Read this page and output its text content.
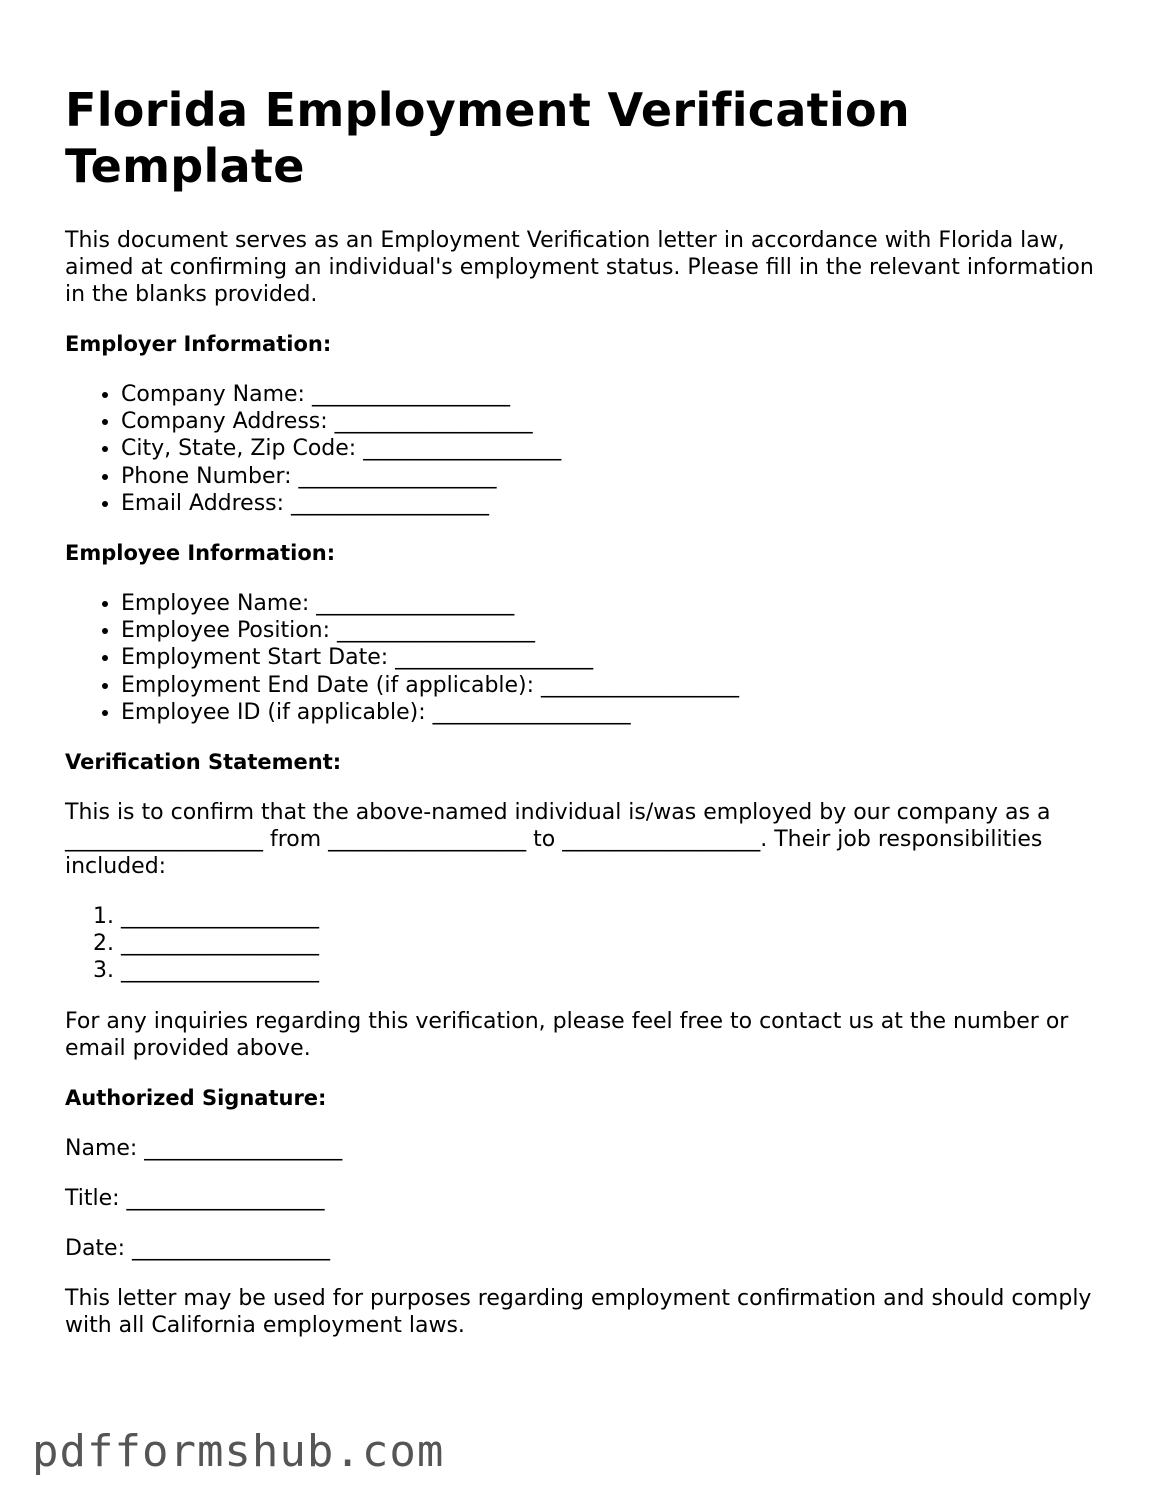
Florida Employment Verification Template

This document serves as an Employment Verification letter in accordance with Florida law, aimed at confirming an individual's employment status. Please fill in the relevant information in the blanks provided.

Employer Information:

• Company Name: __________________
• Company Address: __________________
• City, State, Zip Code: __________________
• Phone Number: __________________
• Email Address: __________________

Employee Information:

• Employee Name: __________________
• Employee Position: __________________
• Employment Start Date: __________________
• Employment End Date (if applicable): __________________
• Employee ID (if applicable): __________________

Verification Statement:

This is to confirm that the above-named individual is/was employed by our company as a __________________ from __________________ to __________________. Their job responsibilities included:

1. __________________
2. __________________
3. __________________

For any inquiries regarding this verification, please feel free to contact us at the number or email provided above.

Authorized Signature:

Name: __________________

Title: __________________

Date: __________________

This letter may be used for purposes regarding employment confirmation and should comply with all California employment laws.

pdfformshub.com
